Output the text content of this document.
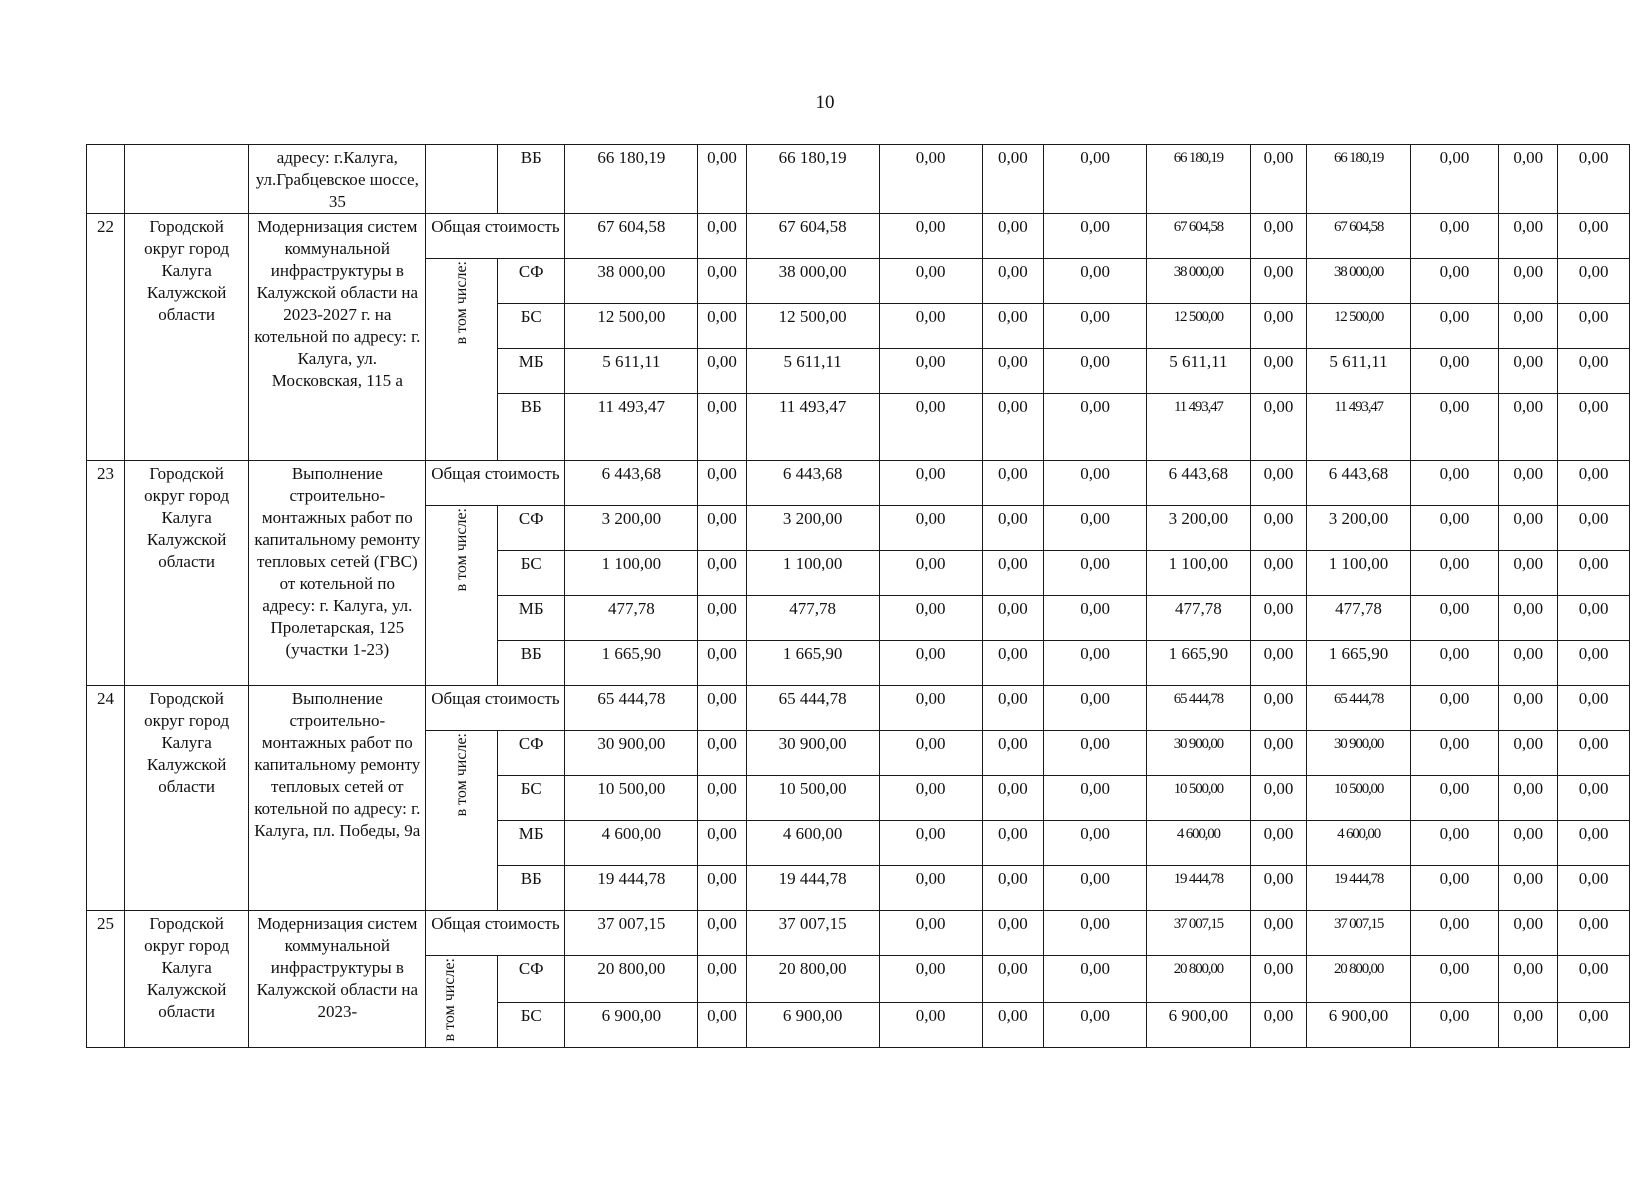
10
		адресу: г.Калуга, ул.Грабцевское шоссе, 35		ВБ	66 180,19	0,00	66 180,19	0,00	0,00	0,00	66 180,19	0,00	66 180,19	0,00	0,00	0,00
22	Городской округ город Калуга Калужской области	Модернизация систем коммунальной инфраструктуры в Калужской области на 2023-2027 г. на котельной по адресу: г. Калуга, ул. Московская, 115 а	Общая стоимость		67 604,58	0,00	67 604,58	0,00	0,00	0,00	67 604,58	0,00	67 604,58	0,00	0,00	0,00
			в том числе:	СФ	38 000,00	0,00	38 000,00	0,00	0,00	0,00	38 000,00	0,00	38 000,00	0,00	0,00	0,00
				БС	12 500,00	0,00	12 500,00	0,00	0,00	0,00	12 500,00	0,00	12 500,00	0,00	0,00	0,00
				МБ	5 611,11	0,00	5 611,11	0,00	0,00	0,00	5 611,11	0,00	5 611,11	0,00	0,00	0,00
				ВБ	11 493,47	0,00	11 493,47	0,00	0,00	0,00	11 493,47	0,00	11 493,47	0,00	0,00	0,00
23	Городской округ город Калуга Калужской области	Выполнение строительно-монтажных работ по капитальному ремонту тепловых сетей (ГВС) от котельной по адресу: г. Калуга, ул. Пролетарская, 125 (участки 1-23)	Общая стоимость		6 443,68	0,00	6 443,68	0,00	0,00	0,00	6 443,68	0,00	6 443,68	0,00	0,00	0,00
			в том числе:	СФ	3 200,00	0,00	3 200,00	0,00	0,00	0,00	3 200,00	0,00	3 200,00	0,00	0,00	0,00
				БС	1 100,00	0,00	1 100,00	0,00	0,00	0,00	1 100,00	0,00	1 100,00	0,00	0,00	0,00
				МБ	477,78	0,00	477,78	0,00	0,00	0,00	477,78	0,00	477,78	0,00	0,00	0,00
				ВБ	1 665,90	0,00	1 665,90	0,00	0,00	0,00	1 665,90	0,00	1 665,90	0,00	0,00	0,00
24	Городской округ город Калуга Калужской области	Выполнение строительно-монтажных работ по капитальному ремонту тепловых сетей от котельной по адресу: г. Калуга, пл. Победы, 9а	Общая стоимость		65 444,78	0,00	65 444,78	0,00	0,00	0,00	65 444,78	0,00	65 444,78	0,00	0,00	0,00
			в том числе:	СФ	30 900,00	0,00	30 900,00	0,00	0,00	0,00	30 900,00	0,00	30 900,00	0,00	0,00	0,00
				БС	10 500,00	0,00	10 500,00	0,00	0,00	0,00	10 500,00	0,00	10 500,00	0,00	0,00	0,00
				МБ	4 600,00	0,00	4 600,00	0,00	0,00	0,00	4 600,00	0,00	4 600,00	0,00	0,00	0,00
				ВБ	19 444,78	0,00	19 444,78	0,00	0,00	0,00	19 444,78	0,00	19 444,78	0,00	0,00	0,00
25	Городской округ город Калуга Калужской области	Модернизация систем коммунальной инфраструктуры в Калужской области на 2023-	Общая стоимость		37 007,15	0,00	37 007,15	0,00	0,00	0,00	37 007,15	0,00	37 007,15	0,00	0,00	0,00
			в том числе:	СФ	20 800,00	0,00	20 800,00	0,00	0,00	0,00	20 800,00	0,00	20 800,00	0,00	0,00	0,00
				БС	6 900,00	0,00	6 900,00	0,00	0,00	0,00	6 900,00	0,00	6 900,00	0,00	0,00	0,00
